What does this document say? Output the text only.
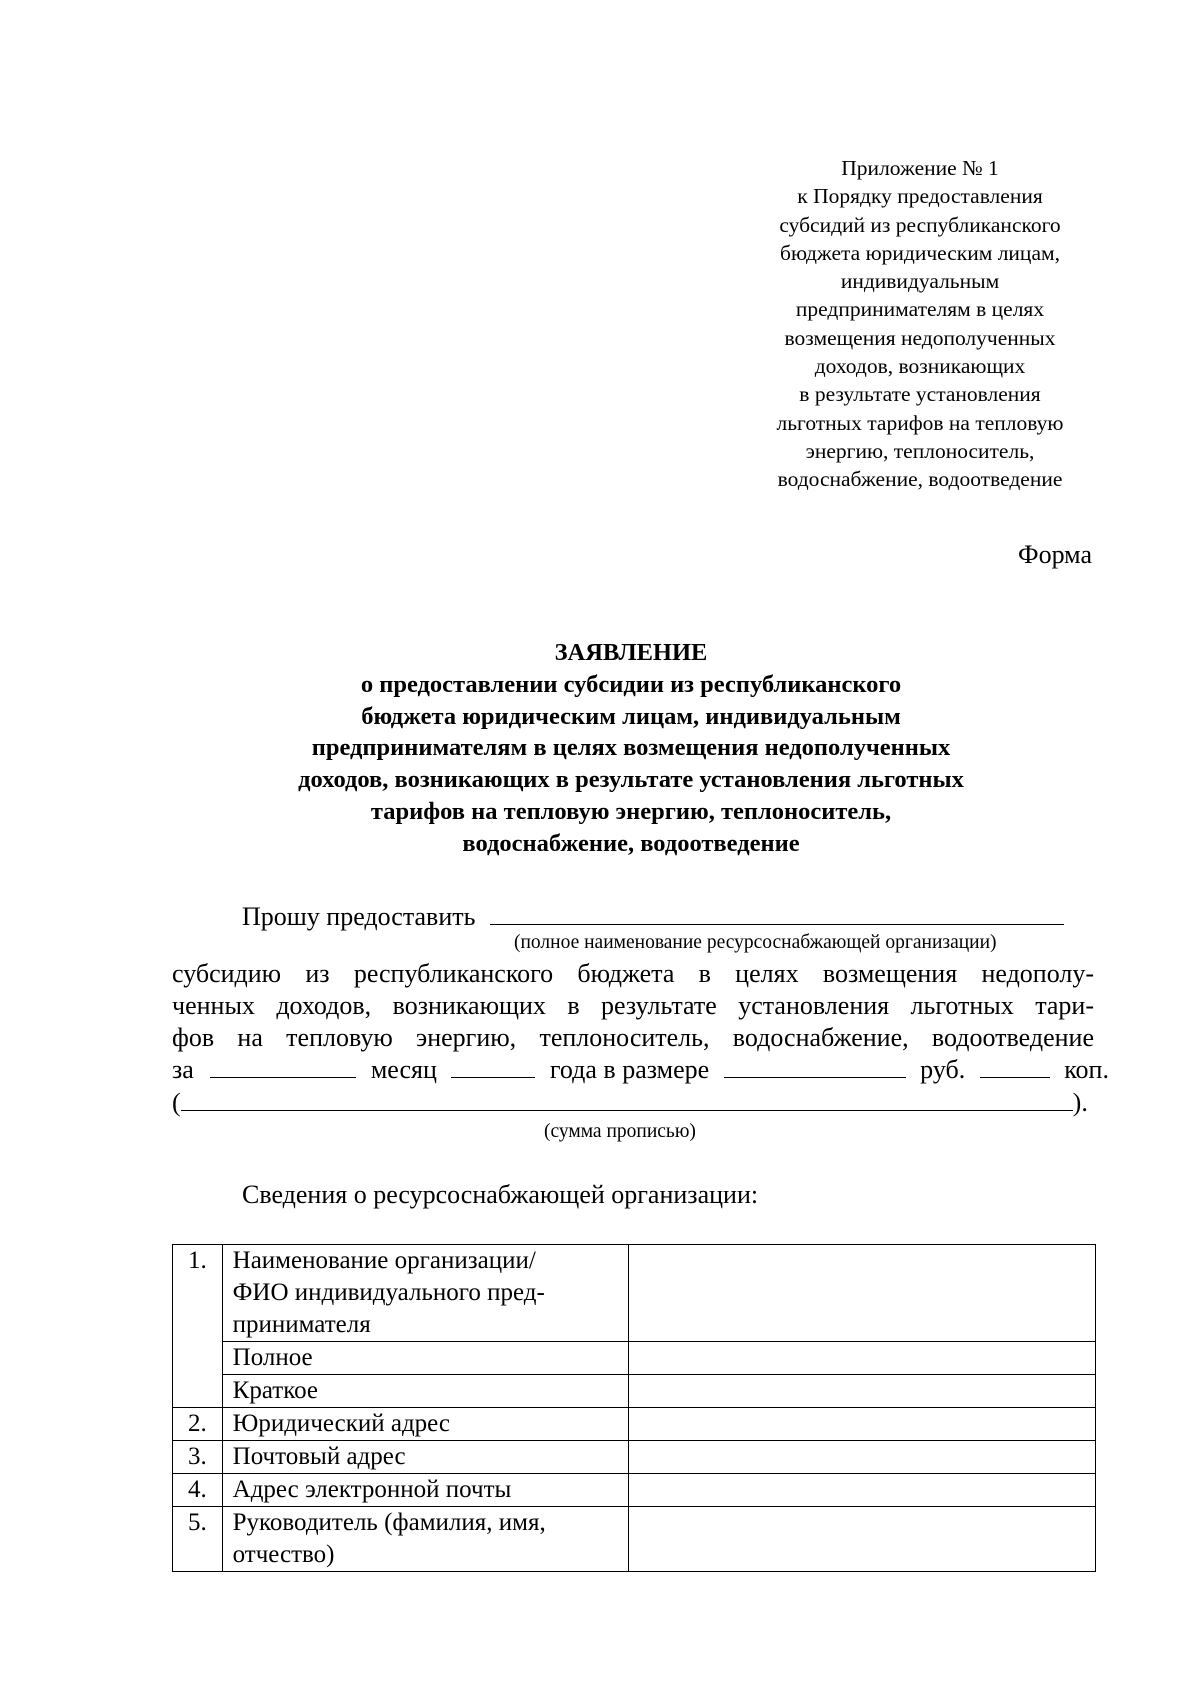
Приложение № 1
к Порядку предоставления
субсидий из республиканского
бюджета юридическим лицам,
индивидуальным
предпринимателям в целях
возмещения недополученных
доходов, возникающих
в результате установления
льготных тарифов на тепловую
энергию, теплоноситель,
водоснабжение, водоотведение
Форма
ЗАЯВЛЕНИЕ
о предоставлении субсидии из республиканского
бюджета юридическим лицам, индивидуальным
предпринимателям в целях возмещения недополученных
доходов, возникающих в результате установления льготных
тарифов на тепловую энергию, теплоноситель,
водоснабжение, водоотведение
Прошу предоставить
(полное наименование ресурсоснабжающей организации)
субсидию из республиканского бюджета в целях возмещения недополу-
ченных доходов, возникающих в результате установления льготных тари-
фов на тепловую энергию, теплоноситель, водоснабжение, водоотведение
за	месяц	года в размере	руб.	коп.
(	).
(сумма прописью)
Сведения о ресурсоснабжающей организации:
1.	Наименование организации/
ФИО индивидуального пред-
принимателя	

	Полное	
	Краткое	
2.	Юридический адрес	
3.	Почтовый адрес	
4.	Адрес электронной почты	
5.	Руководитель (фамилия, имя,
отчество)	
